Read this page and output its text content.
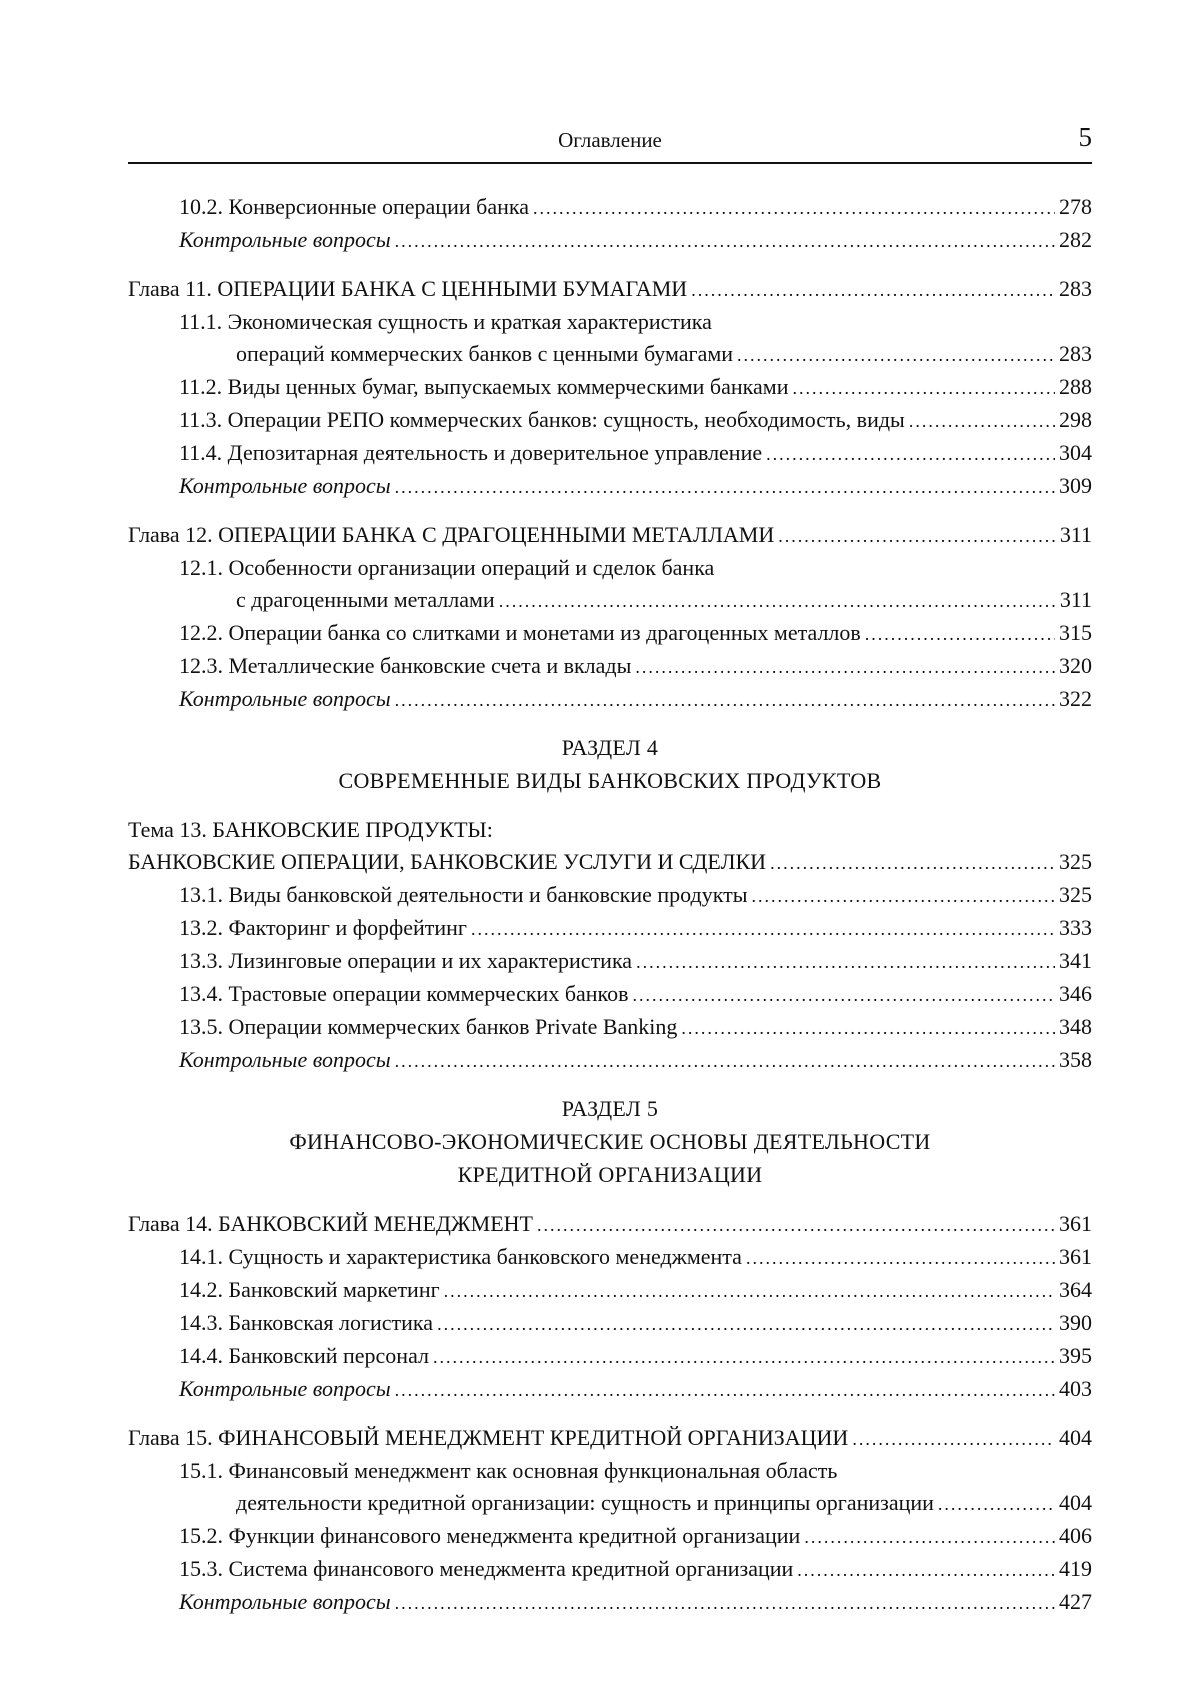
Оглавление	5
10.2. Конверсионные операции банка .....	278
Контрольные вопросы .....	282
Глава 11. ОПЕРАЦИИ БАНКА С ЦЕННЫМИ БУМАГАМИ .....	283
11.1. Экономическая сущность и краткая характеристика
операций коммерческих банков с ценными бумагами .....	283
11.2. Виды ценных бумаг, выпускаемых коммерческими банками .....	288
11.3. Операции РЕПО коммерческих банков: сущность, необходимость, виды .....	298
11.4. Депозитарная деятельность и доверительное управление .....	304
Контрольные вопросы .....	309
Глава 12. ОПЕРАЦИИ БАНКА С ДРАГОЦЕННЫМИ МЕТАЛЛАМИ .....	311
12.1. Особенности организации операций и сделок банка
с драгоценными металлами .....	311
12.2. Операции банка со слитками и монетами из драгоценных металлов .....	315
12.3. Металлические банковские счета и вклады .....	320
Контрольные вопросы .....	322
РАЗДЕЛ 4
СОВРЕМЕННЫЕ ВИДЫ БАНКОВСКИХ ПРОДУКТОВ
Тема 13. БАНКОВСКИЕ ПРОДУКТЫ:
БАНКОВСКИЕ ОПЕРАЦИИ, БАНКОВСКИЕ УСЛУГИ И СДЕЛКИ .....	325
13.1. Виды банковской деятельности и банковские продукты .....	325
13.2. Факторинг и форфейтинг .....	333
13.3. Лизинговые операции и их характеристика .....	341
13.4. Трастовые операции коммерческих банков .....	346
13.5. Операции коммерческих банков Private Banking .....	348
Контрольные вопросы .....	358
РАЗДЕЛ 5
ФИНАНСОВО-ЭКОНОМИЧЕСКИЕ ОСНОВЫ ДЕЯТЕЛЬНОСТИ
КРЕДИТНОЙ ОРГАНИЗАЦИИ
Глава 14. БАНКОВСКИЙ МЕНЕДЖМЕНТ .....	361
14.1. Сущность и характеристика банковского менеджмента .....	361
14.2. Банковский маркетинг .....	364
14.3. Банковская логистика .....	390
14.4. Банковский персонал .....	395
Контрольные вопросы .....	403
Глава 15. ФИНАНСОВЫЙ МЕНЕДЖМЕНТ КРЕДИТНОЙ ОРГАНИЗАЦИИ .....	404
15.1. Финансовый менеджмент как основная функциональная область
деятельности кредитной организации: сущность и принципы организации .....	404
15.2. Функции финансового менеджмента кредитной организации .....	406
15.3. Система финансового менеджмента кредитной организации .....	419
Контрольные вопросы .....	427
